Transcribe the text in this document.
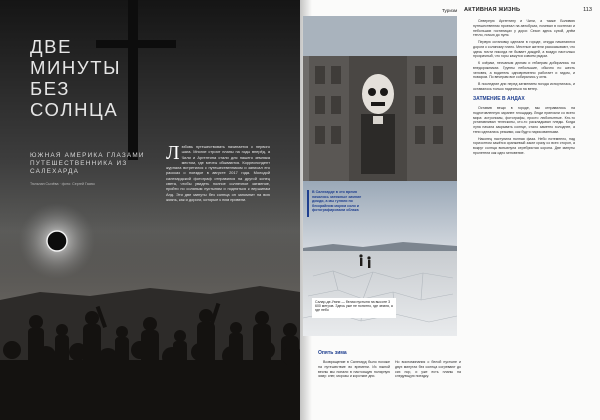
ДВЕ
МИНУТЫ
БЕЗ СОЛНЦА
ЮЖНАЯ АМЕРИКА ГЛАЗАМИ ПУТЕШЕСТВЕННИКА ИЗ САЛЕХАРДА
Тюльпан Сычёва · фото: Сергей Гасюк
Л юбовь путешествовать начинается с первого шага. Многие строят планы на годы вперёд, а Чили и Аргентина стали для нашего земляка местом, где мечты сбываются. Корреспондент журнала встретился с путешественником и записал его рассказ о поездке в августе 2017 года. Молодой салехардский фотограф отправился на другой конец света, чтобы увидеть полное солнечное затмение, пройти по соляным пустыням и подняться к вершинам Анд. Эти две минуты без солнца он запомнит на всю жизнь, как и дороги, которые к ним привели.
Туризм АКТИВНАЯ ЖИЗНЬ	113
В Салехарде в это время начались затяжные зимние дожди, а мы гуляли по бескрайним морям соли и фотографировали облака
Салар-де-Уюни — белая пустыня на высоте 3 600 метров. Здесь уже не понятно, где земля, а где небо

Северную Аргентину и Чили, а также Боливию путешественник проехал на автобусах, ночевал в хостелах и небольших гостиницах у дорог. Сезон здесь сухой, днём тепло, ночью до нуля.

Первую остановку сделали в городе, откуда начинаются дороги к соляному плато. Местные жители рассказывают, что здесь почти никогда не бывает дождей, а воздух настолько прозрачный, что горы кажутся совсем рядом.

К озёрам, песчаным дюнам и гейзерам добирались на внедорожниках. Группы небольшие, обычно по шесть человек, а водитель одновременно работает и гидом, и поваром. По вечерам все собирались у огня.

В последние дни перед затмением погода испортилась, и оставалось только надеяться на ветер.

ЗАТМЕНИЕ В АНДАХ

Оставив вещи в городе, мы отправились на подготовленную заранее площадку. Люди приехали со всего мира: астрономы, фотографы, просто любопытные. Кто-то устанавливал телескопы, кто-то раскладывал пледы. Когда луна начала закрывать солнце, стало заметно холоднее, а тени сделались резкими, как будто нарисованными.

Наконец наступила полная фаза. Небо потемнело, над горизонтом зажёгся оранжевый закат сразу со всех сторон, а вокруг солнца вспыхнула серебристая корона. Две минуты пролетели как одно мгновение.

Опять зима
Возвращение в Салехард было похоже на путешествие во времени. Из южной весны мы попали в настоящую полярную зиму: снег, морозы и короткие дни.
Но воспоминания о белой пустыне и двух минутах без солнца согревают до сих пор, и уже есть планы на следующую поездку.
